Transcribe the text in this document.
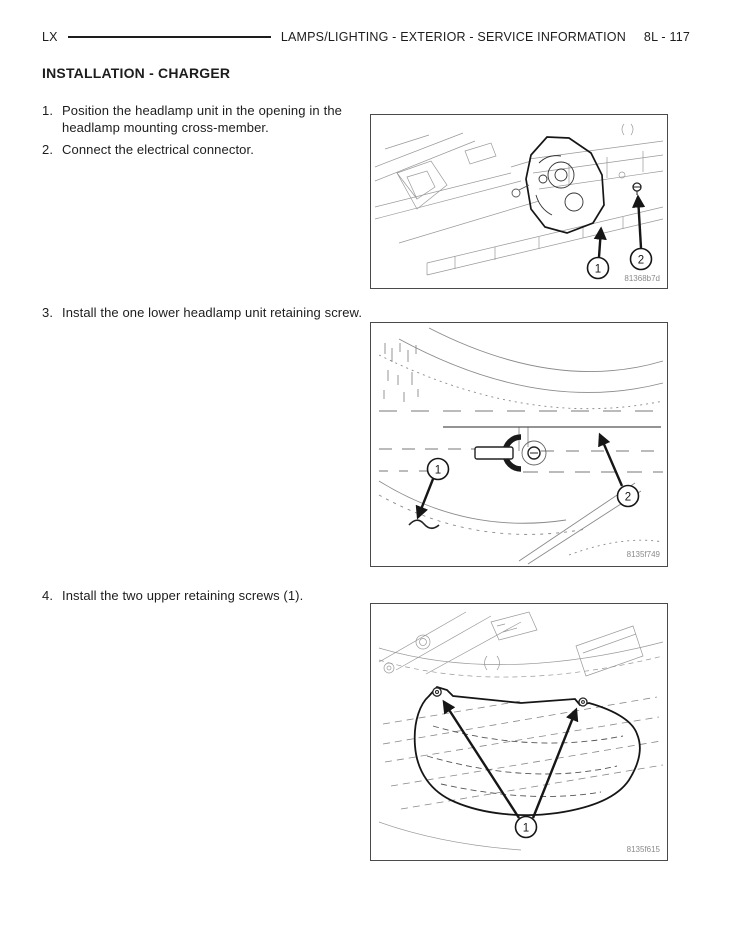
LX	LAMPS/LIGHTING - EXTERIOR - SERVICE INFORMATION 8L - 117
INSTALLATION - CHARGER
1. Position the headlamp unit in the opening in the headlamp mounting cross-member.
2. Connect the electrical connector.
3. Install the one lower headlamp unit retaining screw.
4. Install the two upper retaining screws (1).
1
2
81368b7d
1
2
8135f749
1
8135f615
